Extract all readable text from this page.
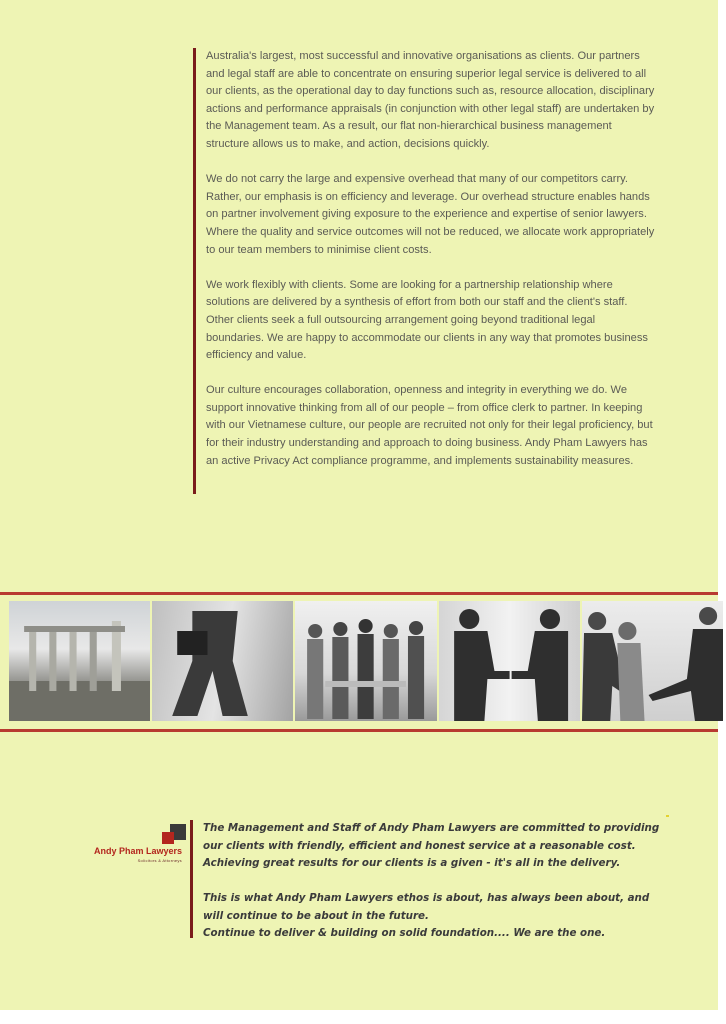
Australia's largest, most successful and innovative organisations as clients. Our partners and legal staff are able to concentrate on ensuring superior legal service is delivered to all our clients, as the operational day to day functions such as, resource allocation, disciplinary actions and performance appraisals (in conjunction with other legal staff) are undertaken by the Management team. As a result, our flat non-hierarchical business management structure allows us to make, and action, decisions quickly.

We do not carry the large and expensive overhead that many of our competitors carry. Rather, our emphasis is on efficiency and leverage. Our overhead structure enables hands on partner involvement giving exposure to the experience and expertise of senior lawyers. Where the quality and service outcomes will not be reduced, we allocate work appropriately to our team members to minimise client costs.

We work flexibly with clients. Some are looking for a partnership relationship where solutions are delivered by a synthesis of effort from both our staff and the client's staff. Other clients seek a full outsourcing arrangement going beyond traditional legal boundaries. We are happy to accommodate our clients in any way that promotes business efficiency and value.

Our culture encourages collaboration, openness and integrity in everything we do. We support innovative thinking from all of our people – from office clerk to partner. In keeping with our Vietnamese culture, our people are recruited not only for their legal proficiency, but for their industry understanding and approach to doing business. Andy Pham Lawyers has an active Privacy Act compliance programme, and implements sustainability measures.

Andy Pham Lawyers
Solicitors & Attorneys

The Management and Staff of Andy Pham Lawyers are committed to providing our clients with friendly, efficient and honest service at a reasonable cost. Achieving great results for our clients is a given - it's all in the delivery.

This is what Andy Pham Lawyers ethos is about, has always been about, and will continue to be about in the future.
Continue to deliver & building on solid foundation.... We are the one.
